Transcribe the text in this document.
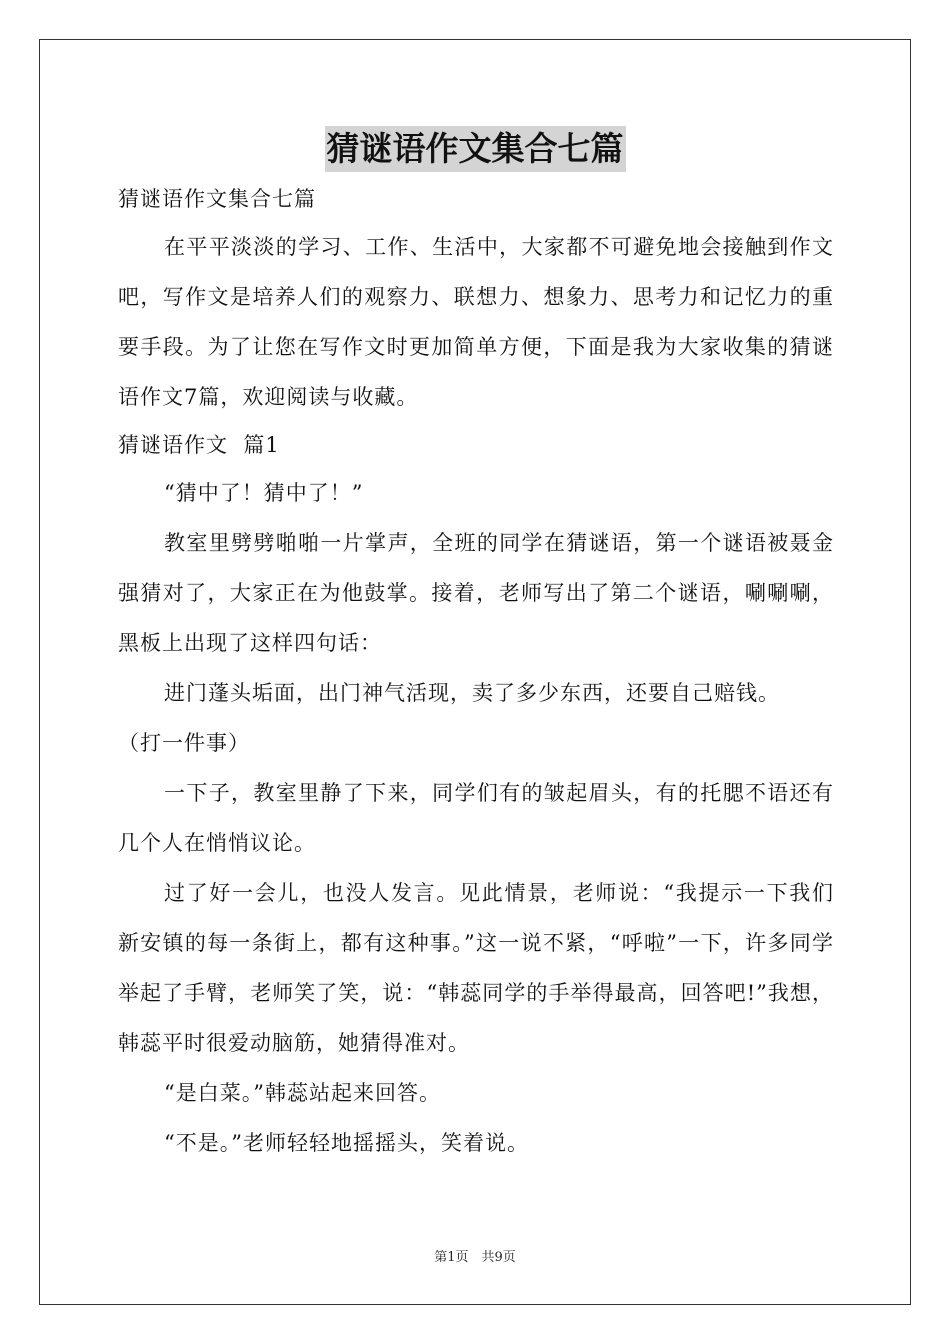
猜谜语作文集合七篇

猜谜语作文集合七篇

在平平淡淡的学习、工作、生活中，大家都不可避免地会接触到作文吧，写作文是培养人们的观察力、联想力、想象力、思考力和记忆力的重要手段。为了让您在写作文时更加简单方便，下面是我为大家收集的猜谜语作文7篇，欢迎阅读与收藏。

猜谜语作文  篇1

“猜中了！猜中了！”

教室里劈劈啪啪一片掌声，全班的同学在猜谜语，第一个谜语被聂金强猜对了，大家正在为他鼓掌。接着，老师写出了第二个谜语，唰唰唰，黑板上出现了这样四句话：

进门蓬头垢面，出门神气活现，卖了多少东西，还要自己赔钱。

（打一件事）

一下子，教室里静了下来，同学们有的皱起眉头，有的托腮不语还有几个人在悄悄议论。

过了好一会儿，也没人发言。见此情景，老师说：“我提示一下我们新安镇的每一条街上，都有这种事。”这一说不紧，“呼啦”一下，许多同学举起了手臂，老师笑了笑，说：“韩蕊同学的手举得最高，回答吧!”我想，韩蕊平时很爱动脑筋，她猜得准对。

“是白菜。”韩蕊站起来回答。

“不是。”老师轻轻地摇摇头，笑着说。

第1页　共9页
